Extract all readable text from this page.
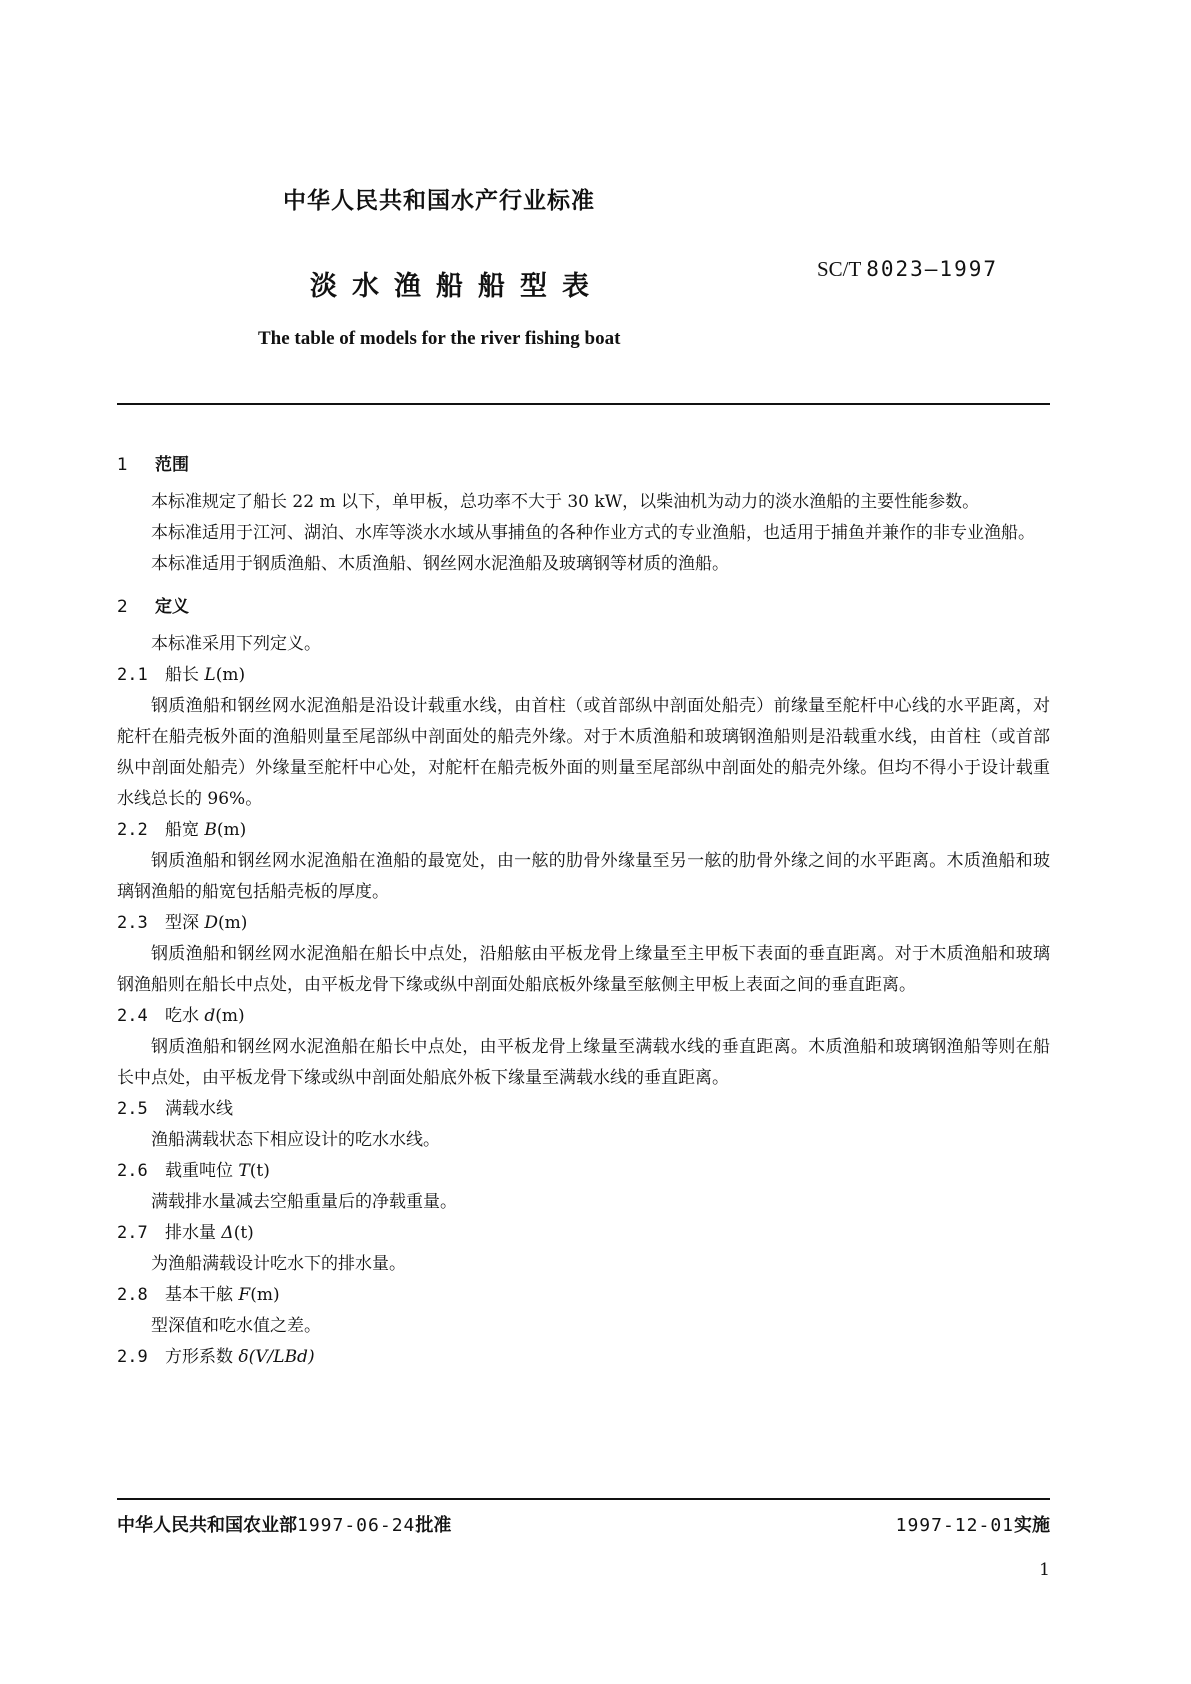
中华人民共和国水产行业标准
淡水渔船船型表
SC/T 8023—1997
The table of models for the river fishing boat
1 范围
本标准规定了船长 22 m 以下，单甲板，总功率不大于 30 kW，以柴油机为动力的淡水渔船的主要性能参数。
本标准适用于江河、湖泊、水库等淡水水域从事捕鱼的各种作业方式的专业渔船，也适用于捕鱼并兼作的非专业渔船。
本标准适用于钢质渔船、木质渔船、钢丝网水泥渔船及玻璃钢等材质的渔船。
2 定义
本标准采用下列定义。
2.1 船长 L(m)
钢质渔船和钢丝网水泥渔船是沿设计载重水线，由首柱（或首部纵中剖面处船壳）前缘量至舵杆中心线的水平距离，对舵杆在船壳板外面的渔船则量至尾部纵中剖面处的船壳外缘。对于木质渔船和玻璃钢渔船则是沿载重水线，由首柱（或首部纵中剖面处船壳）外缘量至舵杆中心处，对舵杆在船壳板外面的则量至尾部纵中剖面处的船壳外缘。但均不得小于设计载重水线总长的 96%。
2.2 船宽 B(m)
钢质渔船和钢丝网水泥渔船在渔船的最宽处，由一舷的肋骨外缘量至另一舷的肋骨外缘之间的水平距离。木质渔船和玻璃钢渔船的船宽包括船壳板的厚度。
2.3 型深 D(m)
钢质渔船和钢丝网水泥渔船在船长中点处，沿船舷由平板龙骨上缘量至主甲板下表面的垂直距离。对于木质渔船和玻璃钢渔船则在船长中点处，由平板龙骨下缘或纵中剖面处船底板外缘量至舷侧主甲板上表面之间的垂直距离。
2.4 吃水 d(m)
钢质渔船和钢丝网水泥渔船在船长中点处，由平板龙骨上缘量至满载水线的垂直距离。木质渔船和玻璃钢渔船等则在船长中点处，由平板龙骨下缘或纵中剖面处船底外板下缘量至满载水线的垂直距离。
2.5 满载水线
渔船满载状态下相应设计的吃水水线。
2.6 载重吨位 T(t)
满载排水量减去空船重量后的净载重量。
2.7 排水量 Δ(t)
为渔船满载设计吃水下的排水量。
2.8 基本干舷 F(m)
型深值和吃水值之差。
2.9 方形系数 δ(V/LBd)
中华人民共和国农业部1997-06-24批准	1997-12-01实施
1
